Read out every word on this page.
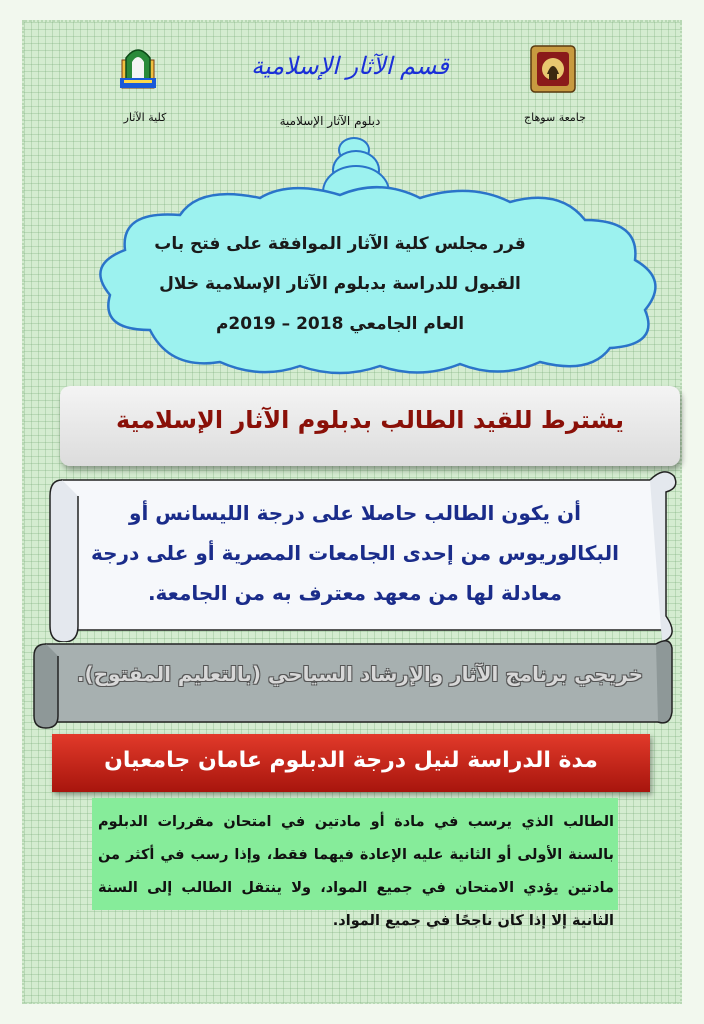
كلية الآثار	جامعة سوهاج
قسم الآثار الإسلامية
دبلوم الآثار الإسلامية
قرر مجلس كلية الآثار الموافقة على فتح باب
القبول للدراسة بدبلوم الآثار الإسلامية خلال
العام الجامعي 2018 – 2019م
يشترط للقيد الطالب بدبلوم الآثار الإسلامية
أن يكون الطالب حاصلا على درجة الليسانس أو
البكالوريوس من إحدى الجامعات المصرية أو على درجة
معادلة لها من معهد معترف به من الجامعة.
خريجي برنامج الآثار والإرشاد السياحي (بالتعليم المفتوح).
مدة الدراسة لنيل درجة الدبلوم عامان جامعيان
الطالب الذي يرسب في مادة أو مادتين في امتحان مقررات الدبلوم بالسنة الأولى أو الثانية عليه الإعادة فيهما فقط، وإذا رسب في أكثر من مادتين يؤدي الامتحان في جميع المواد، ولا ينتقل الطالب إلى السنة الثانية إلا إذا كان ناجحًا في جميع المواد.
